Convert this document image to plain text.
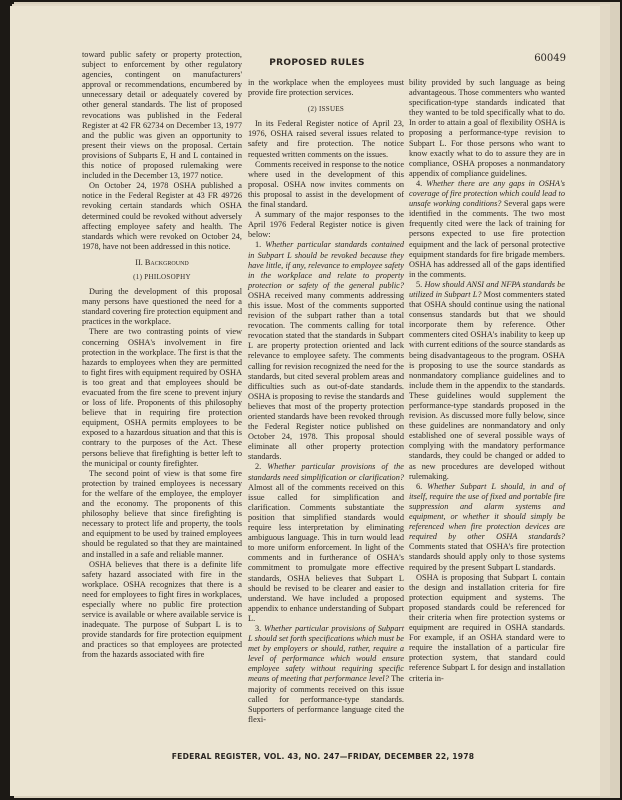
PROPOSED RULES	60049

toward public safety or property protection, subject to enforcement by other regulatory agencies, contingent on manufacturers' approval or recommendations, encumbered by unnecessary detail or adequately covered by other general standards. The list of proposed revocations was published in the Federal Register at 42 FR 62734 on December 13, 1977 and the public was given an opportunity to present their views on the proposal. Certain provisions of Subparts E, H and L contained in this notice of proposed rulemaking were included in the December 13, 1977 notice.

On October 24, 1978 OSHA published a notice in the Federal Register at 43 FR 49726 revoking certain standards which OSHA determined could be revoked without adversely affecting employee safety and health. The standards which were revoked on October 24, 1978, have not been addressed in this notice.

II. Background
(1) PHILOSOPHY

During the development of this proposal many persons have questioned the need for a standard covering fire protection equipment and practices in the workplace.

There are two contrasting points of view concerning OSHA's involvement in fire protection in the workplace. The first is that the hazards to employees when they are permitted to fight fires with equipment required by OSHA is too great and that employees should be evacuated from the fire scene to prevent injury or loss of life. Proponents of this philosophy believe that in requiring fire protection equipment, OSHA permits employees to be exposed to a hazardous situation and that this is contrary to the purposes of the Act. These persons believe that firefighting is better left to the municipal or county firefighter.

The second point of view is that some fire protection by trained employees is necessary for the welfare of the employee, the employer and the economy. The proponents of this philosophy believe that since firefighting is necessary to protect life and property, the tools and equipment to be used by trained employees should be regulated so that they are maintained and installed in a safe and reliable manner.

OSHA believes that there is a definite life safety hazard associated with fire in the workplace. OSHA recognizes that there is a need for employees to fight fires in workplaces, especially where no public fire protection service is available or where available service is inadequate. The purpose of Subpart L is to provide standards for fire protection equipment and practices so that employees are protected from the hazards associated with fire

in the workplace when the employees must provide fire protection services.

(2) ISSUES

In its Federal Register notice of April 23, 1976, OSHA raised several issues related to safety and fire protection. The notice requested written comments on the issues.

Comments received in response to the notice where used in the development of this proposal. OSHA now invites comments on this proposal to assist in the development of the final standard.

A summary of the major responses to the April 1976 Federal Register notice is given below:

1. Whether particular standards contained in Subpart L should be revoked because they have little, if any, relevance to employee safety in the workplace and relate to property protection or safety of the general public? OSHA received many comments addressing this issue. Most of the comments supported revision of the subpart rather than a total revocation. The comments calling for total revocation stated that the standards in Subpart L are property protection oriented and lack relevance to employee safety. The comments calling for revision recognized the need for the standards, but cited several problem areas and difficulties such as out-of-date standards. OSHA is proposing to revise the standards and believes that most of the property protection oriented standards have been revoked through the Federal Register notice published on October 24, 1978. This proposal should eliminate all other property protection standards.

2. Whether particular provisions of the standards need simplification or clarification? Almost all of the comments received on this issue called for simplification and clarification. Comments substantiate the position that simplified standards would require less interpretation by eliminating ambiguous language. This in turn would lead to more uniform enforcement. In light of the comments and in furtherance of OSHA's commitment to promulgate more effective standards, OSHA believes that Subpart L should be revised to be clearer and easier to understand. We have included a proposed appendix to enhance understanding of Subpart L.

3. Whether particular provisions of Subpart L should set forth specifications which must be met by employers or should, rather, require a level of performance which would ensure employee safety without requiring specific means of meeting that performance level? The majority of comments received on this issue called for performance-type standards. Supporters of performance language cited the flexi-

bility provided by such language as being advantageous. Those commenters who wanted specification-type standards indicated that they wanted to be told specifically what to do. In order to attain a goal of flexibility OSHA is proposing a performance-type revision to Subpart L. For those persons who want to know exactly what to do to assure they are in compliance, OSHA proposes a nonmandatory appendix of compliance guidelines.

4. Whether there are any gaps in OSHA's coverage of fire protection which could lead to unsafe working conditions? Several gaps were identified in the comments. The two most frequently cited were the lack of training for persons expected to use fire protection equipment and the lack of personal protective equipment standards for fire brigade members. OSHA has addressed all of the gaps identified in the comments.

5. How should ANSI and NFPA standards be utilized in Subpart L? Most commenters stated that OSHA should continue using the national consensus standards but that we should incorporate them by reference. Other commenters cited OSHA's inability to keep up with current editions of the source standards as being disadvantageous to the program. OSHA is proposing to use the source standards as nonmandatory compliance guidelines and to include them in the appendix to the standards. These guidelines would supplement the performance-type standards proposed in the revision. As discussed more fully below, since these guidelines are nonmandatory and only established one of several possible ways of complying with the mandatory performance standards, they could be changed or added to as new procedures are developed without rulemaking.

6. Whether Subpart L should, in and of itself, require the use of fixed and portable fire suppression and alarm systems and equipment, or whether it should simply be referenced when fire protection devices are required by other OSHA standards? Comments stated that OSHA's fire protection standards should apply only to those systems required by the present Subpart L standards.

OSHA is proposing that Subpart L contain the design and installation criteria for fire protection equipment and systems. The proposed standards could be referenced for their criteria when fire protection systems or equipment are required in OSHA standards. For example, if an OSHA standard were to require the installation of a particular fire protection system, that standard could reference Subpart L for design and installation criteria in-

FEDERAL REGISTER, VOL. 43, NO. 247—FRIDAY, DECEMBER 22, 1978
